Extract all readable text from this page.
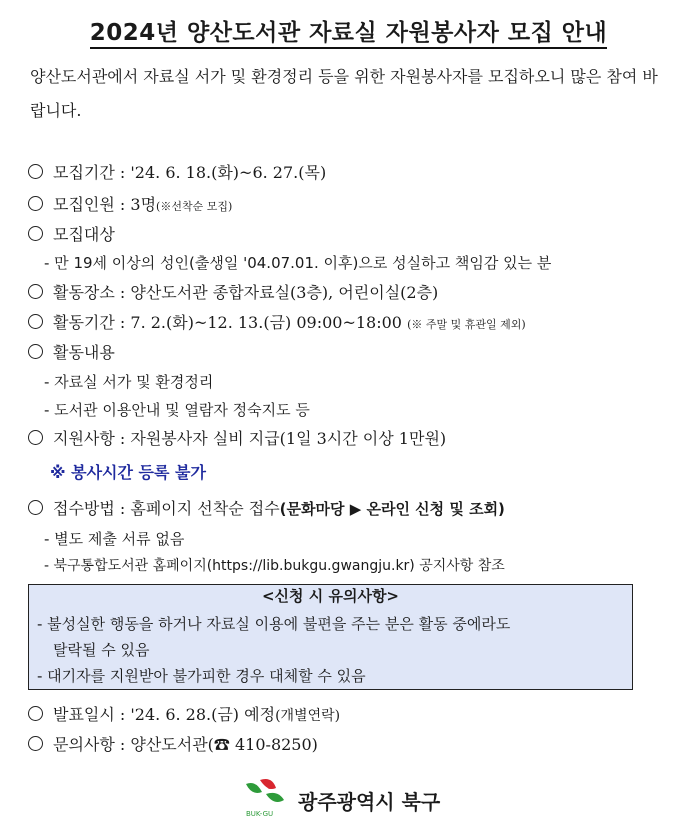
2024년 양산도서관 자료실 자원봉사자 모집 안내
양산도서관에서 자료실 서가 및 환경정리 등을 위한 자원봉사자를 모집하오니 많은 참여 바랍니다.
모집기간 : '24. 6. 18.(화)~6. 27.(목)
모집인원 : 3명(※선착순 모집)
모집대상
- 만 19세 이상의 성인(출생일 '04.07.01. 이후)으로 성실하고 책임감 있는 분
활동장소 : 양산도서관 종합자료실(3층), 어린이실(2층)
활동기간 : 7. 2.(화)~12. 13.(금) 09:00~18:00 (※ 주말 및 휴관일 제외)
활동내용
- 자료실 서가 및 환경정리
- 도서관 이용안내 및 열람자 정숙지도 등
지원사항 : 자원봉사자 실비 지급(1일 3시간 이상 1만원)
※ 봉사시간 등록 불가
접수방법 : 홈페이지 선착순 접수(문화마당 ▶ 온라인 신청 및 조회)
- 별도 제출 서류 없음
- 북구통합도서관 홈페이지(https://lib.bukgu.gwangju.kr) 공지사항 참조
<신청 시 유의사항>
- 불성실한 행동을 하거나 자료실 이용에 불편을 주는 분은 활동 중에라도
탈락될 수 있음
- 대기자를 지원받아 불가피한 경우 대체할 수 있음
발표일시 : '24. 6. 28.(금) 예정(개별연락)
문의사항 : 양산도서관(☎ 410-8250)
BUK-GU 광주광역시 북구
